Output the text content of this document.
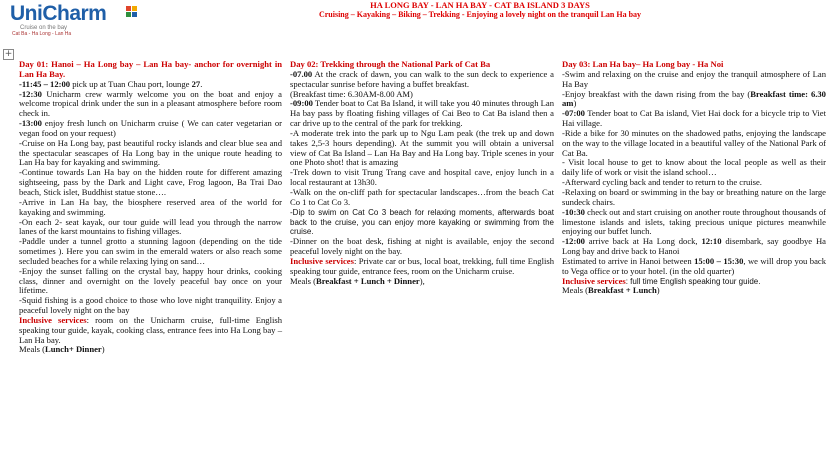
UniCharm
Cruise on the bay
Cat Ba - Ha Long - Lan Ha
HA LONG BAY - LAN HA BAY - CAT BA ISLAND 3 DAYS
Cruising – Kayaking – Biking – Trekking - Enjoying a lovely night on the tranquil Lan Ha bay
+

Day 01: Hanoi – Ha Long bay – Lan Ha bay- anchor for overnight in Lan Ha Bay.

-11:45 – 12:00 pick up at Tuan Chau port, lounge 27.

-12:30 Unicharm crew warmly welcome you on the boat and enjoy a welcome tropical drink under the sun in a pleasant atmosphere before room check in.

-13:00 enjoy fresh lunch on Unicharm cruise ( We can cater vegetarian or vegan food on your request)

-Cruise on Ha Long bay, past beautiful rocky islands and clear blue sea and the spectacular seascapes of Ha Long bay in the unique route heading to Lan Ha bay for kayaking and swimming.

-Continue towards Lan Ha bay on the hidden route for different amazing sightseeing, pass by the Dark and Light cave, Frog lagoon, Ba Trai Dao beach, Stick islet, Buddhist statue stone….

-Arrive in Lan Ha bay, the biosphere reserved area of the world for kayaking and swimming.

-On each 2- seat kayak, our tour guide will lead you through the narrow lanes of the karst mountains to fishing villages.

-Paddle under a tunnel grotto a stunning lagoon (depending on the tide sometimes ). Here you can swim in the emerald waters or also reach some secluded beaches for a while relaxing lying on sand…

-Enjoy the sunset falling on the crystal bay, happy hour drinks, cooking class, dinner and overnight on the lovely peaceful bay once on your lifetime.

-Squid fishing is a good choice to those who love night tranquility. Enjoy a peaceful lovely night on the bay

Inclusive services: room on the Unicharm cruise, full-time English speaking tour guide, kayak, cooking class, entrance fees into Ha Long bay – Lan Ha bay.

Meals (Lunch+ Dinner)

Day 02: Trekking through the National Park of Cat Ba

-07.00 At the crack of dawn, you can walk to the sun deck to experience a spectacular sunrise before having a buffet breakfast.

(Breakfast time: 6.30AM-8.00 AM)

-09:00 Tender boat to Cat Ba Island, it will take you 40 minutes through Lan Ha bay pass by floating fishing villages of Cai Beo to Cat Ba island then a car drive up to the central of the park for trekking.

-A moderate trek into the park up to Ngu Lam peak (the trek up and down takes 2,5-3 hours depending). At the summit you will obtain a universal view of Cat Ba Island – Lan Ha Bay and Ha Long bay. Triple scenes in your one Photo shot! that is amazing

-Trek down to visit Trung Trang cave and hospital cave, enjoy lunch in a local restaurant at 13h30.

-Walk on the on-cliff path for spectacular landscapes…from the beach Cat Co 1 to Cat Co 3.

-Dip to swim on Cat Co 3 beach for relaxing moments, afterwards boat back to the cruise, you can enjoy more kayaking or swimming from the cruise.

-Dinner on the boat desk, fishing at night is available, enjoy the second peaceful lovely night on the bay.

Inclusive services: Private car or bus, local boat, trekking, full time English speaking tour guide, entrance fees, room on the Unicharm cruise.

Meals (Breakfast + Lunch + Dinner),

Day 03: Lan Ha bay– Ha Long bay - Ha Noi

-Swim and relaxing on the cruise and enjoy the tranquil atmosphere of Lan Ha Bay

-Enjoy breakfast with the dawn rising from the bay (Breakfast time: 6.30 am)

-07:00 Tender boat to Cat Ba island, Viet Hai dock for a bicycle trip to Viet Hai village.

-Ride a bike for 30 minutes on the shadowed paths, enjoying the landscape on the way to the village located in a beautiful valley of the National Park of Cat Ba.

- Visit local house to get to know about the local people as well as their daily life of work or visit the island school…

-Afterward cycling back and tender to return to the cruise.

-Relaxing on board or swimming in the bay or breathing nature on the large sundeck chairs.

-10:30 check out and start cruising on another route throughout thousands of limestone islands and islets, taking precious unique pictures meanwhile enjoying our buffet lunch.

-12:00 arrive back at Ha Long dock, 12:10 disembark, say goodbye Ha Long bay and drive back to Hanoi

Estimated to arrive in Hanoi between 15:00 – 15:30, we will drop you back to Vega office or to your hotel. (in the old quarter)

Inclusive services: full time English speaking tour guide.

Meals (Breakfast + Lunch)
